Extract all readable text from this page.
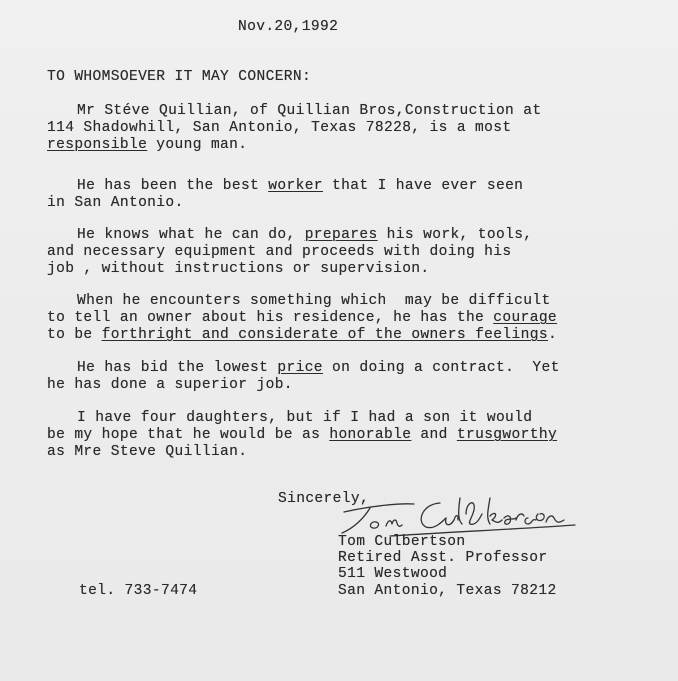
Nov.20,1992
TO WHOMSOEVER IT MAY CONCERN:
Mr Stéve Quillian, of Quillian Bros,Construction at
114 Shadowhill, San Antonio, Texas 78228, is a most
responsible young man.
He has been the best worker that I have ever seen
in San Antonio.
He knows what he can do, prepares his work, tools,
and necessary equipment and proceeds with doing his
job , without instructions or supervision.
When he encounters something which  may be difficult
to tell an owner about his residence, he has the courage
to be forthright and considerate of the owners feelings.
He has bid the lowest price on doing a contract.  Yet
he has done a superior job.
I have four daughters, but if I had a son it would
be my hope that he would be as honorable and trusgworthy
as Mre Steve Quillian.
Sincerely,
Tom Culbertson
Retired Asst. Professor
511 Westwood
San Antonio, Texas 78212
tel. 733-7474
